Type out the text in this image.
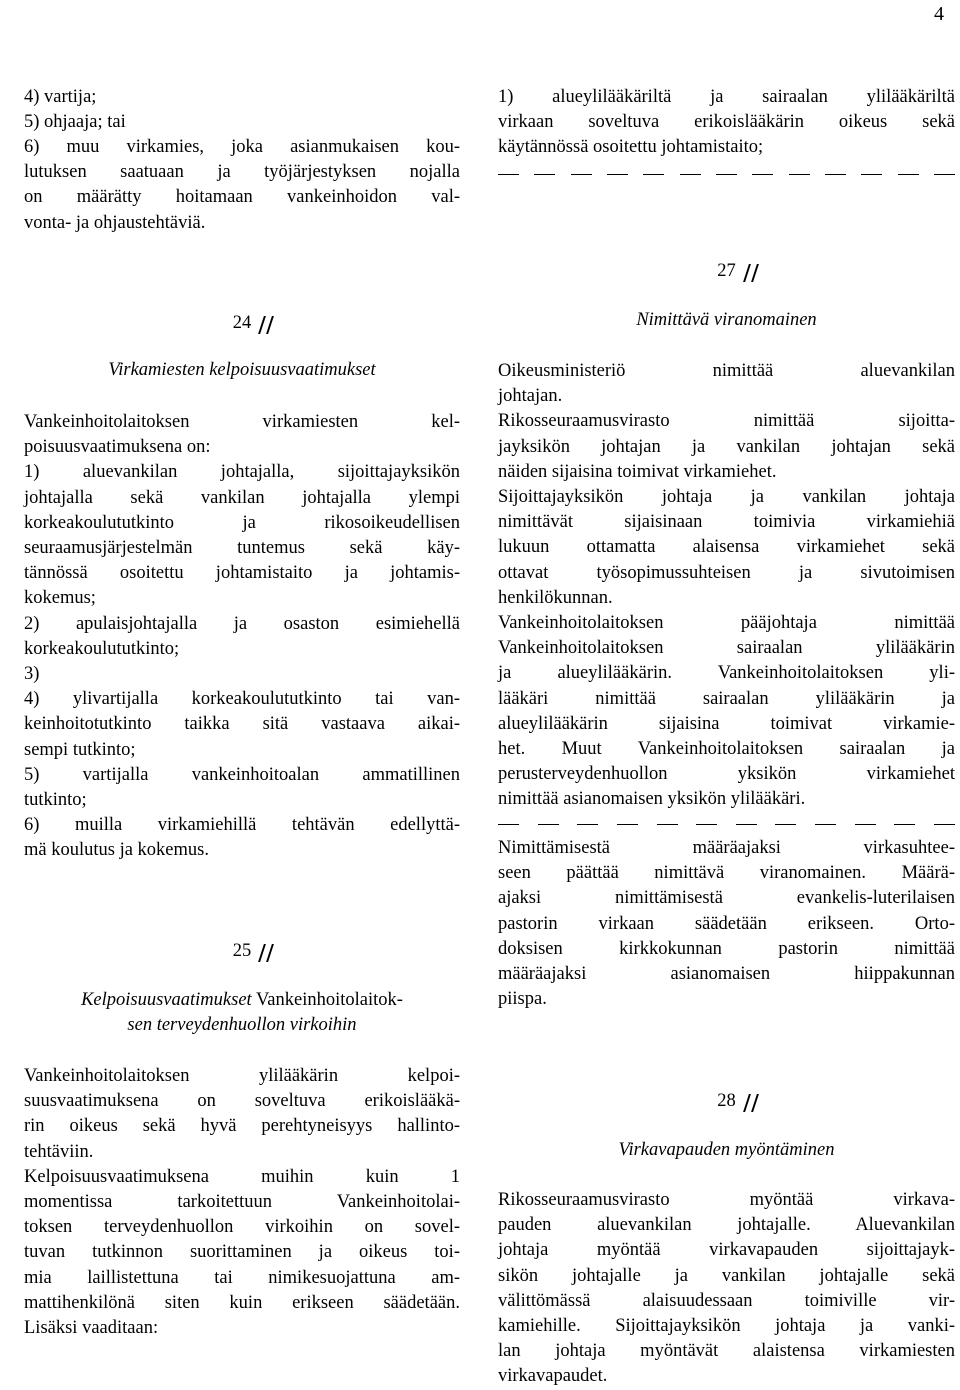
4
4) vartija;
5) ohjaaja; tai
6) muu virkamies, joka asianmukaisen kou-
lutuksen saatuaan ja työjärjestyksen nojalla
on määrätty hoitamaan vankeinhoidon val-
vonta- ja ohjaustehtäviä.
24
Virkamiesten kelpoisuusvaatimukset
Vankeinhoitolaitoksen virkamiesten kel-
poisuusvaatimuksena on:
1) aluevankilan johtajalla, sijoittajayksikön
johtajalla sekä vankilan johtajalla ylempi
korkeakoulututkinto ja rikosoikeudellisen
seuraamusjärjestelmän tuntemus sekä käy-
tännössä osoitettu johtamistaito ja johtamis-
kokemus;
2) apulaisjohtajalla ja osaston esimiehellä
korkeakoulututkinto;
3)
4) ylivartijalla korkeakoulututkinto tai van-
keinhoitotutkinto taikka sitä vastaava aikai-
sempi tutkinto;
5) vartijalla vankeinhoitoalan ammatillinen
tutkinto;
6) muilla virkamiehillä tehtävän edellyttä-
mä koulutus ja kokemus.
25
Kelpoisuusvaatimukset Vankeinhoitolaitok-
sen terveydenhuollon virkoihin
Vankeinhoitolaitoksen ylilääkärin kelpoi-
suusvaatimuksena on soveltuva erikoislääkä-
rin oikeus sekä hyvä perehtyneisyys hallinto-
tehtäviin.
Kelpoisuusvaatimuksena muihin kuin 1
momentissa tarkoitettuun Vankeinhoitolai-
toksen terveydenhuollon virkoihin on sovel-
tuvan tutkinnon suorittaminen ja oikeus toi-
mia laillistettuna tai nimikesuojattuna am-
mattihenkilönä siten kuin erikseen säädetään.
Lisäksi vaaditaan:
1) alueylilääkäriltä ja sairaalan ylilääkäriltä
virkaan soveltuva erikoislääkärin oikeus sekä
käytännössä osoitettu johtamistaito;
27
Nimittävä viranomainen
Oikeusministeriö nimittää aluevankilan
johtajan.
Rikosseuraamusvirasto nimittää sijoitta-
jayksikön johtajan ja vankilan johtajan sekä
näiden sijaisina toimivat virkamiehet.
Sijoittajayksikön johtaja ja vankilan johtaja
nimittävät sijaisinaan toimivia virkamiehiä
lukuun ottamatta alaisensa virkamiehet sekä
ottavat työsopimussuhteisen ja sivutoimisen
henkilökunnan.
Vankeinhoitolaitoksen pääjohtaja nimittää
Vankeinhoitolaitoksen sairaalan ylilääkärin
ja alueylilääkärin. Vankeinhoitolaitoksen yli-
lääkäri nimittää sairaalan ylilääkärin ja
alueylilääkärin sijaisina toimivat virkamie-
het. Muut Vankeinhoitolaitoksen sairaalan ja
perusterveydenhuollon yksikön virkamiehet
nimittää asianomaisen yksikön ylilääkäri.
Nimittämisestä määräajaksi virkasuhtee-
seen päättää nimittävä viranomainen. Määrä-
ajaksi nimittämisestä evankelis-luterilaisen
pastorin virkaan säädetään erikseen. Orto-
doksisen kirkkokunnan pastorin nimittää
määräajaksi asianomaisen hiippakunnan
piispa.
28
Virkavapauden myöntäminen
Rikosseuraamusvirasto myöntää virkava-
pauden aluevankilan johtajalle. Aluevankilan
johtaja myöntää virkavapauden sijoittajayk-
sikön johtajalle ja vankilan johtajalle sekä
välittömässä alaisuudessaan toimiville vir-
kamiehille. Sijoittajayksikön johtaja ja vanki-
lan johtaja myöntävät alaistensa virkamiesten
virkavapaudet.
